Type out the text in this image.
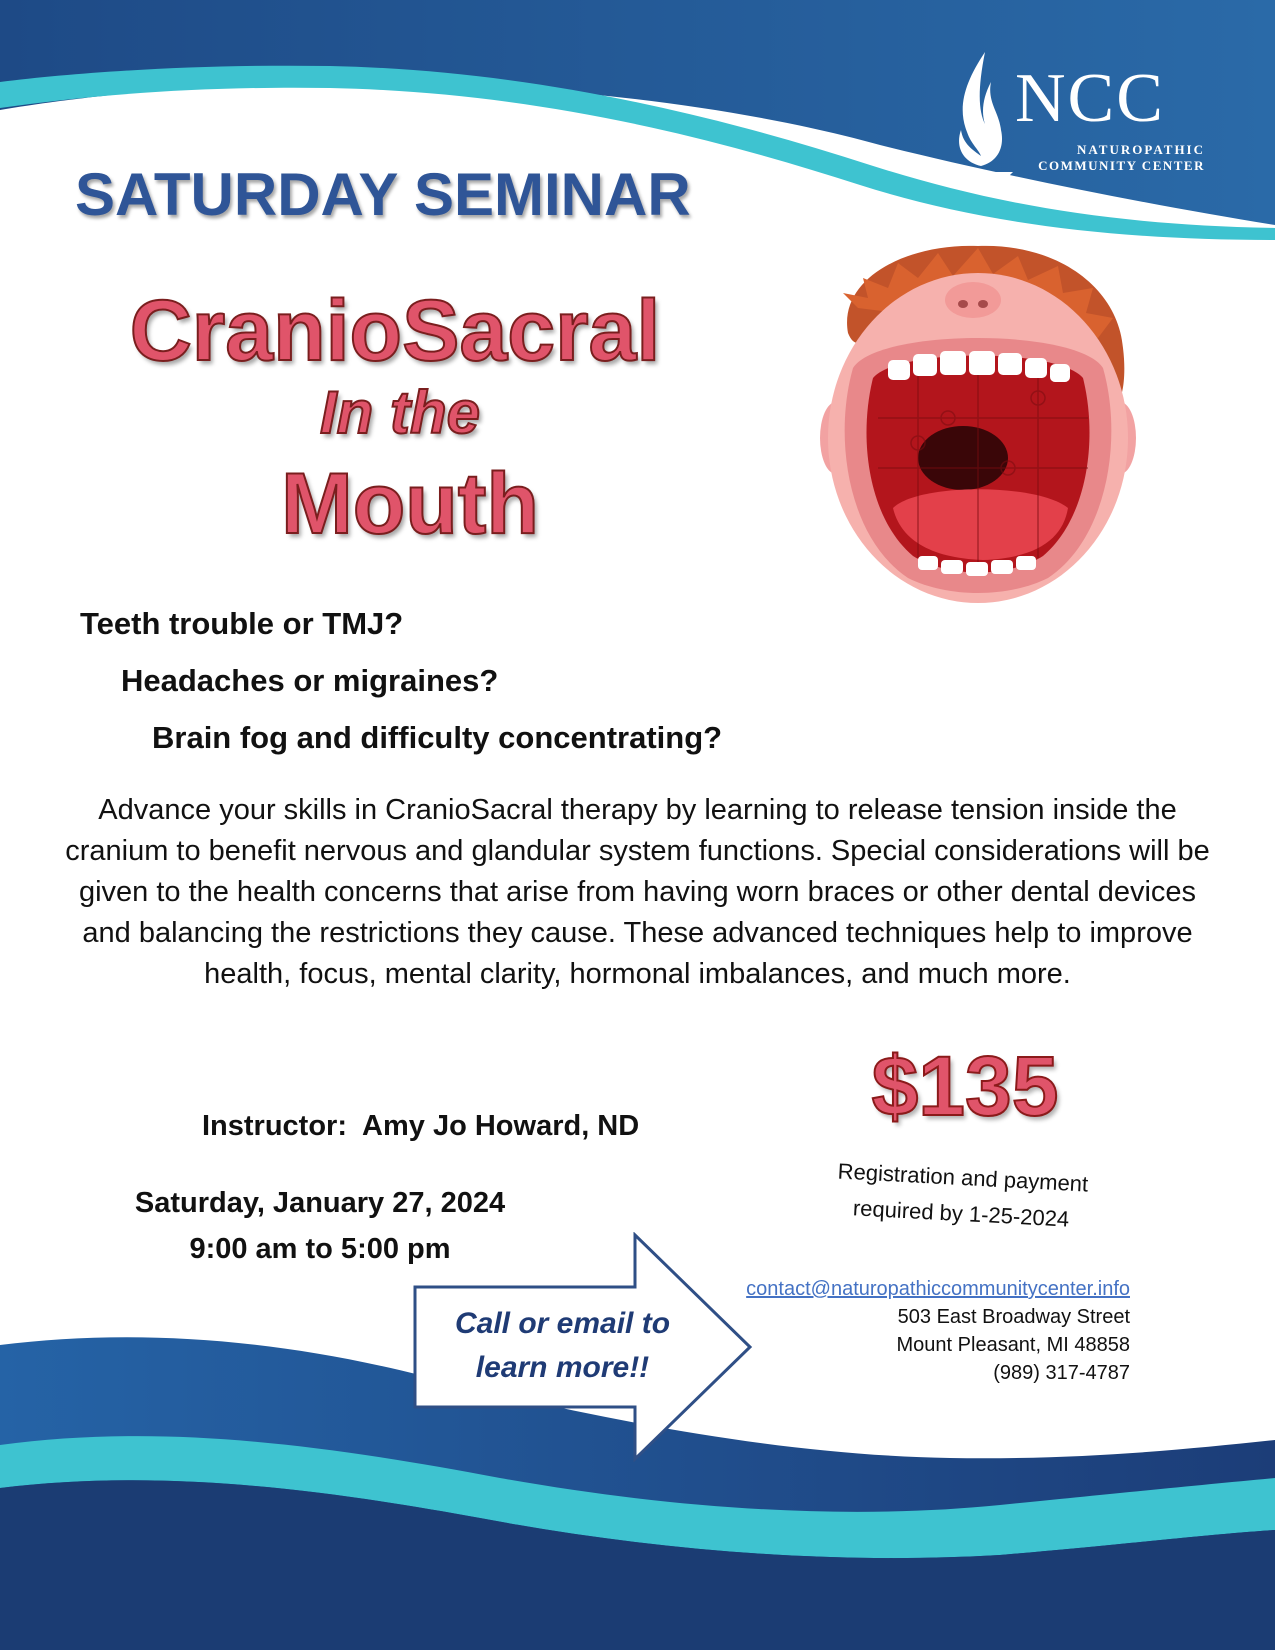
NCC
NATUROPATHIC
COMMUNITY CENTER
SATURDAY SEMINAR
CranioSacral
In the
Mouth
Teeth trouble or TMJ?
Headaches or migraines?
Brain fog and difficulty concentrating?
Advance your skills in CranioSacral therapy by learning to release tension inside the cranium to benefit nervous and glandular system functions. Special considerations will be given to the health concerns that arise from having worn braces or other dental devices and balancing the restrictions they cause. These advanced techniques help to improve health, focus, mental clarity, hormonal imbalances, and much more.
$135
Registration and payment
required by 1-25-2024
Instructor:  Amy Jo Howard, ND
Saturday, January 27, 2024
9:00 am to 5:00 pm
Call or email to
learn more!!
contact@naturopathiccommunitycenter.info
503 East Broadway Street
Mount Pleasant, MI 48858
(989) 317-4787
